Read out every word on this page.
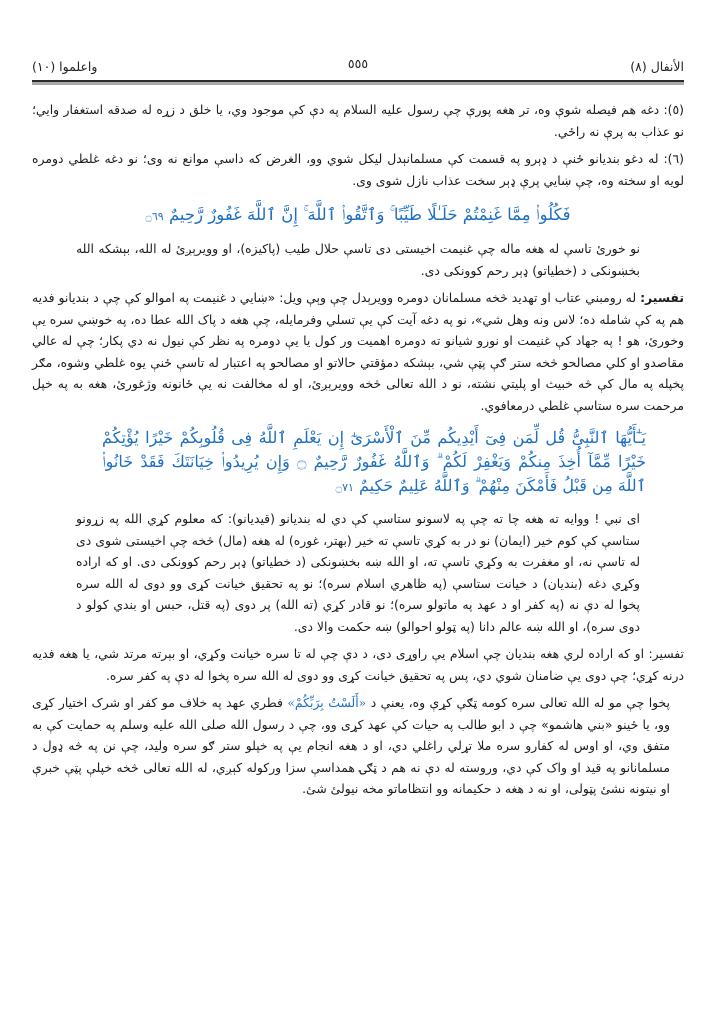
الأنفال (٨)
٥٥٥
واعلموا (١٠)

(٥): دغه هم فیصله شوې وه، تر هغه پورې چې رسول علیه السلام په دې کې موجود وي، یا خلق د زړه له صدقه استغفار وایي؛ نو عذاب به پرې نه راځي.

(٦): له دغو بندیانو ځنې د ډېرو په قسمت کې مسلمانېدل لیکل شوي وو، الغرض که داسې موانع نه وی؛ نو دغه غلطي دومره لویه او سخته وه، چې ښایي پرې ډېر سخت عذاب نازل شوی وی.

فَكُلُوا۟ مِمَّا غَنِمْتُمْ حَلَـٰلًا طَيِّبًا ۚ وَٱتَّقُوا۟ ٱللَّهَ ۚ إِنَّ ٱللَّهَ غَفُورٌ رَّحِيمٌ ۝٦٩

نو خورئ تاسې له هغه ماله چې غنیمت اخیستی دی تاسې حلال طیب (پاکیزه)، او وویرېږئ له الله، بېشکه الله بخښونکی د (خطیاتو) ډېر رحم کوونکی دی.

تفسیر: له رومبني عتاب او تهدید څخه مسلمانان دومره وویرېدل چې وېې ویل: «ښایي د غنیمت په اموالو کې چې د بندیانو فدیه هم په کې شامله ده؛ لاس ونه وهل شي»، نو په دغه آیت کې یې تسلي وفرمایله، چې هغه د پاک الله عطا ده، په خوښي سره یې وخورئ، هو ! په جهاد کې غنیمت او نورو شیانو ته دومره اهمیت ور کول یا یې دومره په نظر کې نیول نه دي پکار؛ چې له عالي مقاصدو او کلي مصالحو څخه ستر ګې پټې شي، بېشکه دمؤقتي حالاتو او مصالحو په اعتبار له تاسې ځنې یوه غلطي وشوه، مګر پخپله په مال کې څه خبیث او پلیتي نشته، نو د الله تعالی څخه وویرېږئ، او له مخالفت نه یې ځانونه وژغورئ، هغه به په خپل مرحمت سره ستاسې غلطي درمعافوي.

يَـٰٓأَيُّهَا ٱلنَّبِىُّ قُل لِّمَن فِىٓ أَيْدِيكُم مِّنَ ٱلْأَسْرَىٰٓ إِن يَعْلَمِ ٱللَّهُ فِى قُلُوبِكُمْ خَيْرًا يُؤْتِكُمْ خَيْرًا مِّمَّآ أُخِذَ مِنكُمْ وَيَغْفِرْ لَكُمْ ۗ وَٱللَّهُ غَفُورٌ رَّحِيمٌ ۝ وَإِن يُرِيدُوا۟ خِيَانَتَكَ فَقَدْ خَانُوا۟ ٱللَّهَ مِن قَبْلُ فَأَمْكَنَ مِنْهُمْ ۗ وَٱللَّهُ عَلِيمٌ حَكِيمٌ ۝٧١

ای نبي ! ووایه ته هغه چا ته چې په لاسونو ستاسې کې دي له بندیانو (قیدیانو): که معلوم کړي الله په زړونو ستاسې کې کوم خیر (ایمان) نو در به کړي تاسې ته خیر (بهتر، غوره) له هغه (مال) څخه چې اخیستی شوی دی له تاسې نه، او مغفرت به وکړي تاسې ته، او الله ښه بخښونکی (د خطیاتو) ډېر رحم کوونکی دی. او که اراده وکړي دغه (بندیان) د خیانت ستاسې (په ظاهري اسلام سره)؛ نو په تحقیق خیانت کړی وو دوی له الله سره پخوا له دې نه (په کفر او د عهد په ماتولو سره)؛ نو قادر کړي (ته الله) پر دوی (په قتل، حبس او بندي کولو د دوی سره)، او الله ښه عالم دانا (په ټولو احوالو) ښه حکمت والا دی.

تفسیر: او که اراده لري هغه بندیان چې اسلام یې راوړی دی، د دې چې له تا سره خیانت وکړي، او بېرته مرتد شي، یا هغه فدیه درنه کړي؛ چې دوی یې ضامنان شوي دي، پس په تحقیق خیانت کړی وو دوی له الله سره پخوا له دې په کفر سره.

پخوا چې مو له الله تعالی سره کومه ټګې کړې وه، یعنې د «أَلَسْتُ بِرَبِّكُمْ» فطري عهد په خلاف مو کفر او شرک اختیار کړی وو، یا ځینو «بني هاشمو» چې د ابو طالب په حیات کې عهد کړی وو، چې د رسول الله صلی الله علیه وسلم په حمایت کې به متفق وي، او اوس له کفارو سره ملا تړلي راغلي دي، او د هغه انجام یې په خپلو ستر ګو سره ولید، چې نن په څه ډول د مسلمانانو په قید او واک کې دي، وروسته له دې نه هم د ټګۍ همداسې سزا ورکوله کېږي، له الله تعالی څخه خپلې پټې خبرې او نیتونه نشئ پټولی، او نه د هغه د حکیمانه وو انتظاماتو مخه نیولئ شئ.
